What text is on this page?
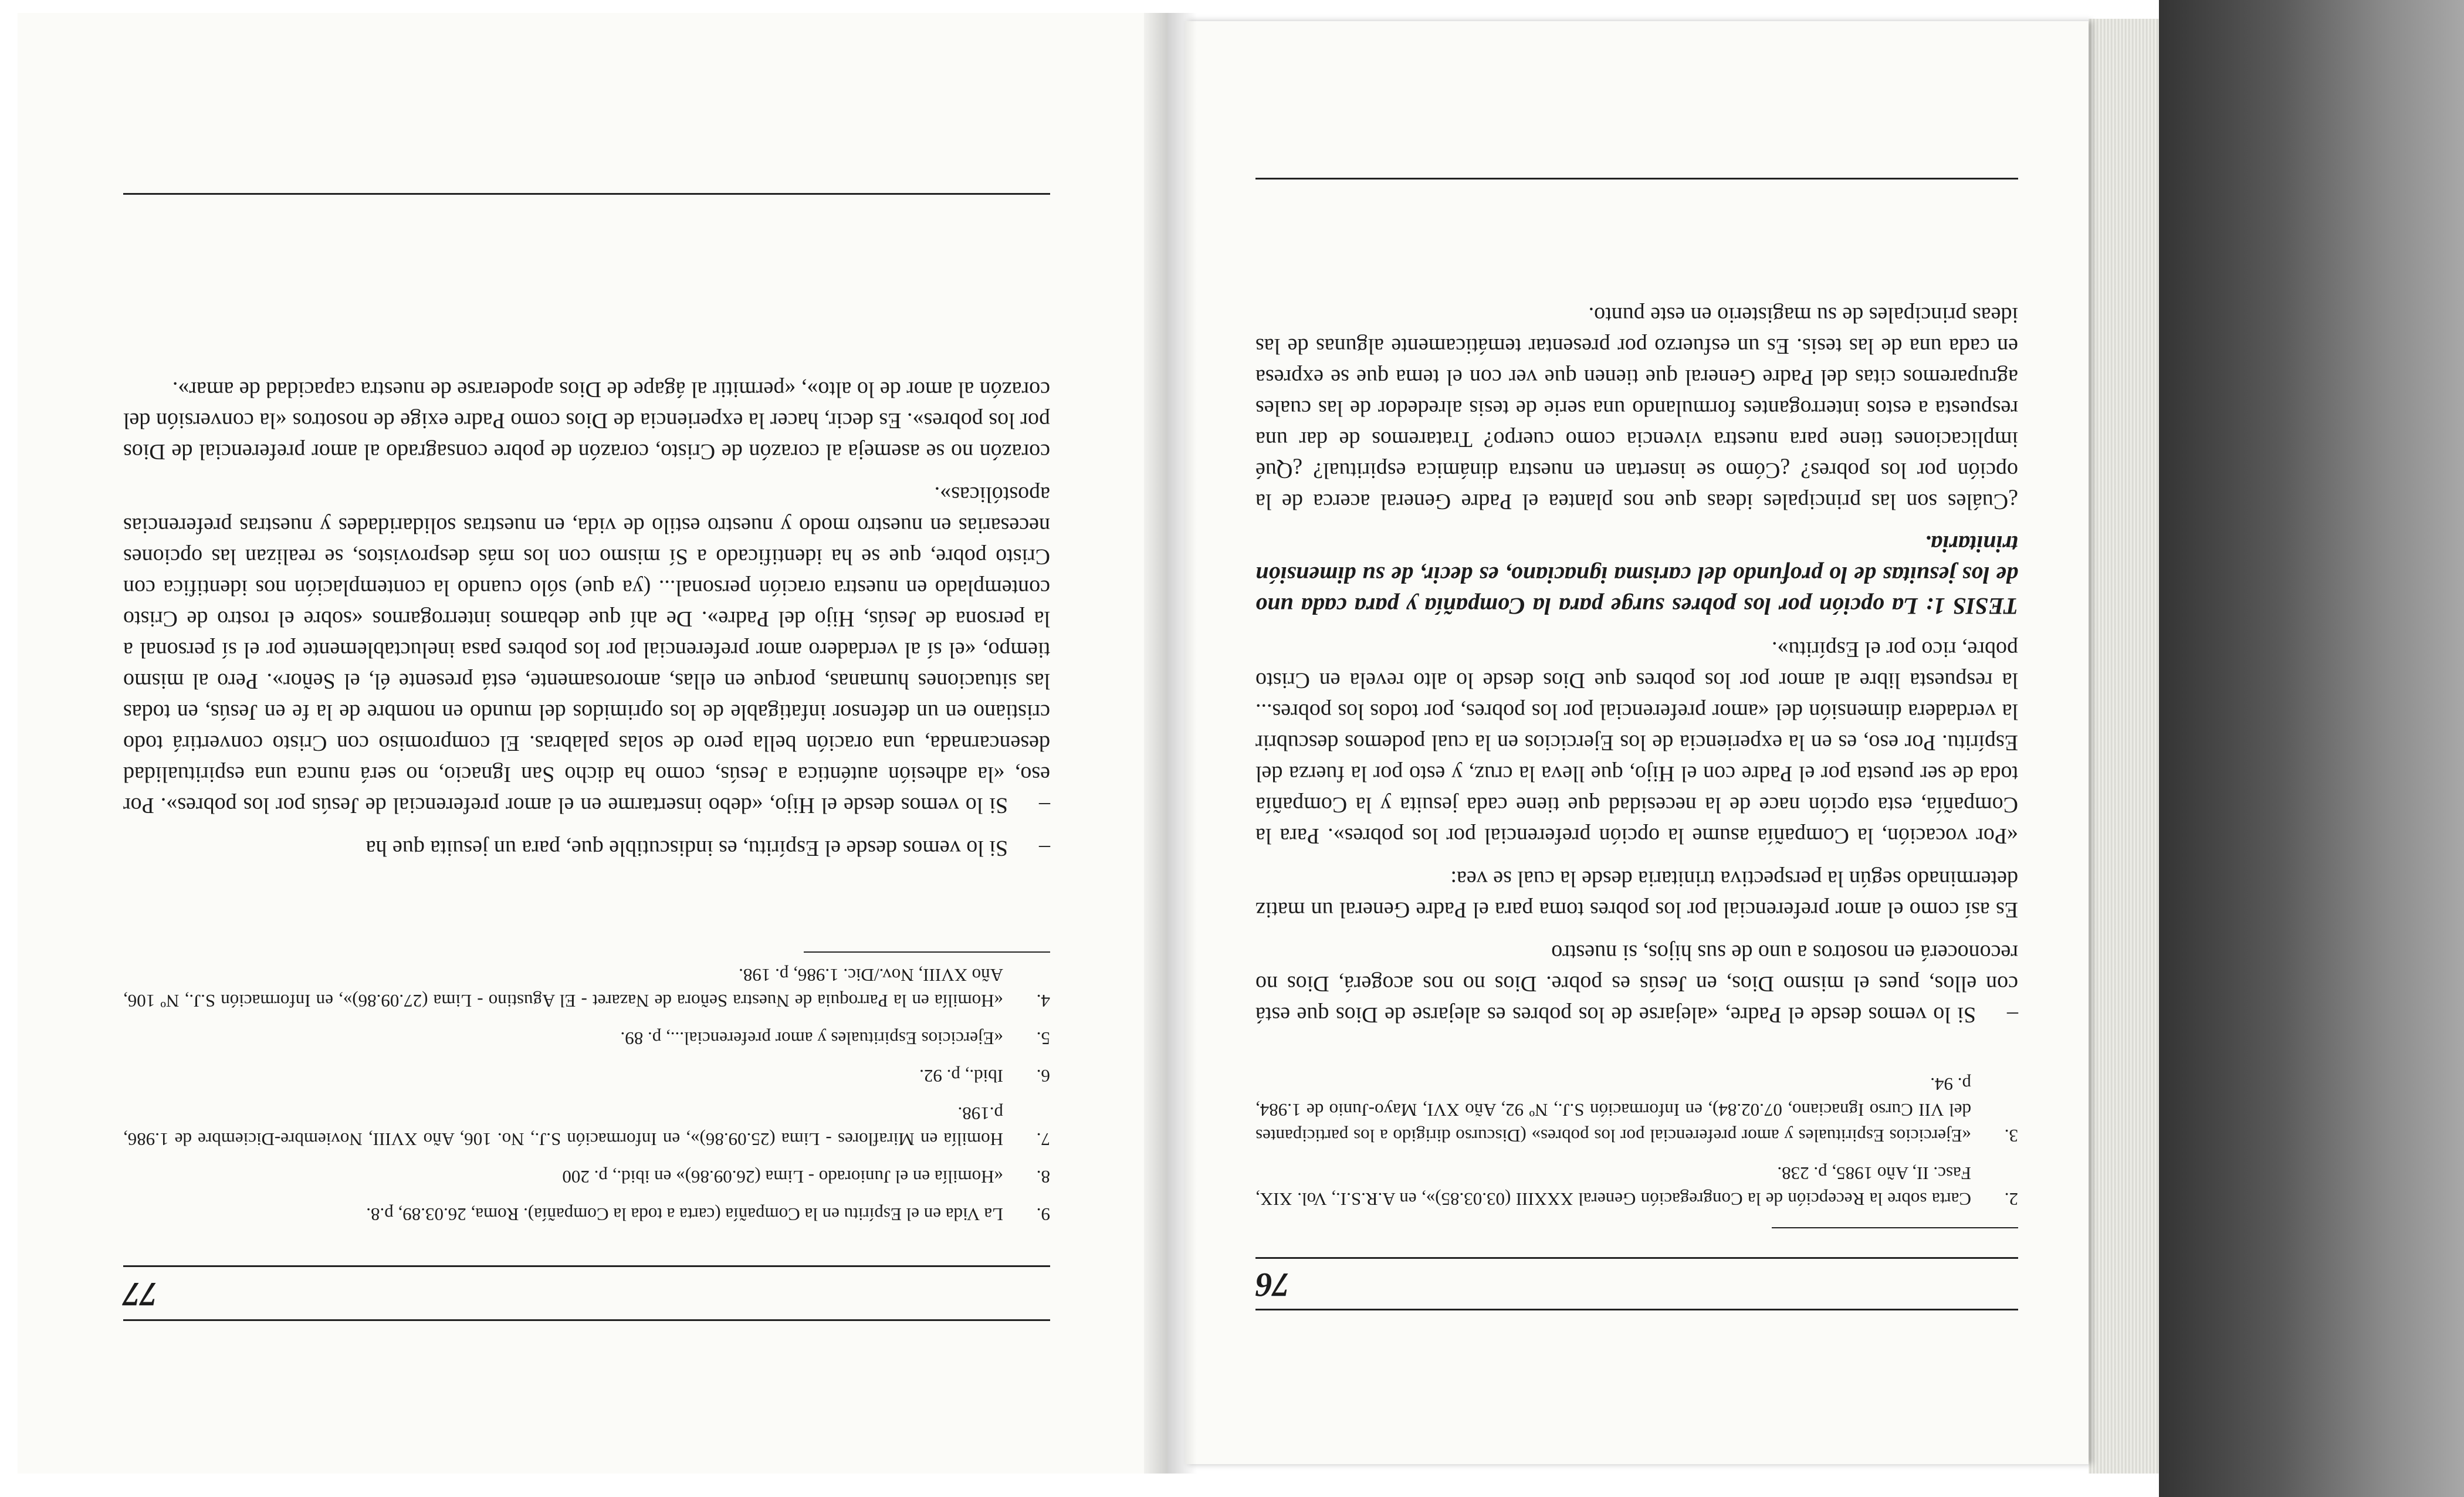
76
2.
Carta sobre la Recepción de la Congregación General XXXIII (03.03.85)», en A.R.S.I., Vol. XIX, Fasc. II, Año 1985, p. 238.
3.
«Ejercicios Espirituales y amor preferencial por los pobres» (Discurso dirigido a los participantes del VII Curso Ignaciano, 07.02.84), en Información S.J., Nº 92, Año XVI, Mayo-Junio de 1.984, p. 94.

–Si lo vemos desde el Padre, «alejarse de los pobres es alejarse de Dios que está con ellos, pues el mismo Dios, en Jesús es pobre. Dios no nos acogerá, Dios no reconocerá en nosotros a uno de sus hijos, si nuestro

Es así como el amor preferencial por los pobres toma para el Padre General un matiz determinado según la perspectiva trinitaria desde la cual se vea:

«Por vocación, la Compañía asume la opción preferencial por los pobres». Para la Compañía, esta opción nace de la necesidad que tiene cada jesuita y la Compañía toda de ser puesta por el Padre con el Hijo, que lleva la cruz, y esto por la fuerza del Espíritu. Por eso, es en la experiencia de los Ejercicios en la cual podemos descubrir la verdadera dimensión del «amor preferencial por los pobres, por todos los pobres... la respuesta libre al amor por los pobres que Dios desde lo alto revela en Cristo pobre, rico por el Espíritu».

TESIS 1: La opción por los pobres surge para la Compañía y para cada uno de los jesuitas de lo profundo del carisma ignaciano, es decir, de su dimensión trinitaria.

¿Cuáles son las principales ideas que nos plantea el Padre General acerca de la opción por los pobres? ¿Cómo se insertan en nuestra dinámica espiritual? ¿Qué implicaciones tiene para nuestra vivencia como cuerpo? Trataremos de dar una respuesta a estos interrogantes formulando una serie de tesis alrededor de las cuales agruparemos citas del Padre General que tienen que ver con el tema que se expresa en cada una de las tesis. Es un esfuerzo por presentar temáticamente algunas de las ideas principales de su magisterio en este punto.

77
9.
La Vida en el Espíritu en la Compañía (carta a toda la Compañía). Roma, 26.03.89, p.8.
8.
«Homilía en el Juniorado - Lima (26.09.86)» en ibid., p. 200
7.
Homilía en Miraflores - Lima (25.09.86)», en Información S.J., No. 106, Año XVIII, Noviembre-Diciembre de 1.986, p.198.
6.
Ibid., p. 92.
5.
«Ejercicios Espirituales y amor preferencial..., p. 89.
4.
«Homilía en la Parroquia de Nuestra Señora de Nazaret - El Agustino - Lima (27.09.86)», en Información S.J., Nº 106, Año XVIII, Nov./Dic. 1.986, p. 198.

–Si lo vemos desde el Espíritu, es indiscutible que, para un jesuita que ha

–Si lo vemos desde el Hijo, «debo insertarme en el amor preferencial de Jesús por los pobres». Por eso, «la adhesión auténtica a Jesús, como ha dicho San Ignacio, no será nunca una espiritualidad desencarnada, una oración bella pero de solas palabras. El compromiso con Cristo convertirá todo cristiano en un defensor infatigable de los oprimidos del mundo en nombre de la fe en Jesús, en todas las situaciones humanas, porque en ellas, amorosamente, está presente él, el Señor». Pero al mismo tiempo, «el sí al verdadero amor preferencial por los pobres pasa ineluctablemente por el sí personal a la persona de Jesús, Hijo del Padre». De ahí que debamos interrogarnos «sobre el rostro de Cristo contemplado en nuestra oración personal... (ya que) sólo cuando la contemplación nos identifica con Cristo pobre, que se ha identificado a Sí mismo con los más desprovistos, se realizan las opciones necesarias en nuestro modo y nuestro estilo de vida, en nuestras solidaridades y nuestras preferencias apostólicas».

corazón no se asemeja al corazón de Cristo, corazón de pobre consagrado al amor preferencial de Dios por los pobres». Es decir, hacer la experiencia de Dios como Padre exige de nosotros «la conversión del corazón al amor de lo alto», «permitir al ágape de Dios apoderarse de nuestra capacidad de amar».
